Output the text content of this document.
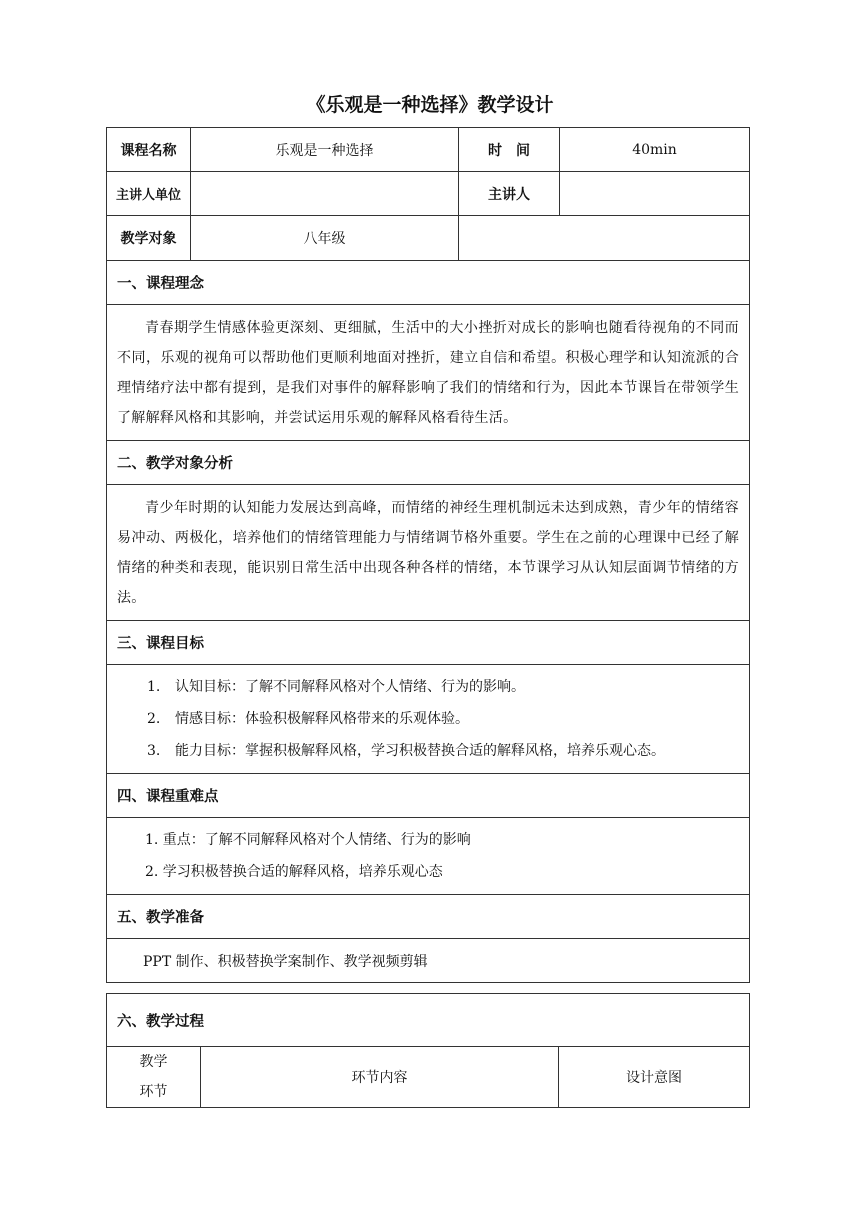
《乐观是一种选择》教学设计
课程名称	乐观是一种选择	时　间	40min
主讲人单位		主讲人	
教学对象	八年级		
一、课程理念			
青春期学生情感体验更深刻、更细腻，生活中的大小挫折对成长的影响也随看待视角的不同而不同，乐观的视角可以帮助他们更顺利地面对挫折，建立自信和希望。积极心理学和认知流派的合理情绪疗法中都有提到，是我们对事件的解释影响了我们的情绪和行为，因此本节课旨在带领学生了解解释风格和其影响，并尝试运用乐观的解释风格看待生活。			
二、教学对象分析			
青少年时期的认知能力发展达到高峰，而情绪的神经生理机制远未达到成熟，青少年的情绪容易冲动、两极化，培养他们的情绪管理能力与情绪调节格外重要。学生在之前的心理课中已经了解情绪的种类和表现，能识别日常生活中出现各种各样的情绪，本节课学习从认知层面调节情绪的方法。			
三、课程目标			

1. 认知目标：了解不同解释风格对个人情绪、行为的影响。
2. 情感目标：体验积极解释风格带来的乐观体验。
3. 能力目标：掌握积极解释风格，学习积极替换合适的解释风格，培养乐观心态。			

四、课程重难点			

1. 重点：了解不同解释风格对个人情绪、行为的影响
2. 学习积极替换合适的解释风格，培养乐观心态			

五、教学准备			
PPT 制作、积极替换学案制作、教学视频剪辑			
六、教学过程

教学
环节
	环节内容	设计意图
